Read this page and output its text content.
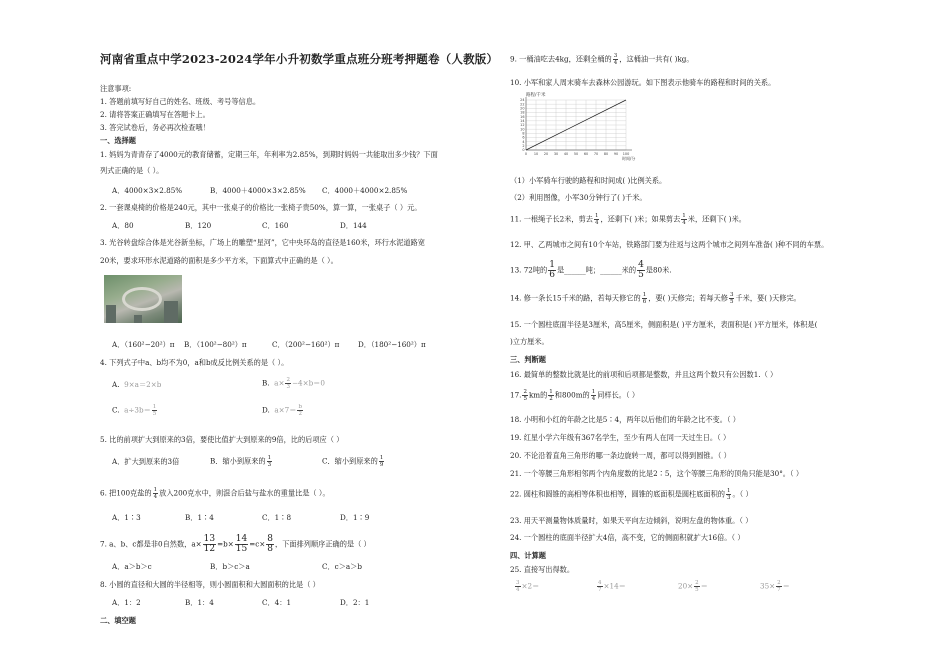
河南省重点中学2023-2024学年小升初数学重点班分班考押题卷（人教版）
注意事项:
1. 答题前填写好自己的姓名、班级、考号等信息。
2. 请将答案正确填写在答题卡上。
3. 答完试卷后，务必再次检查哦！
一、选择题
1. 妈妈为青青存了4000元的教育储蓄，定期三年，年利率为2.85%，到期时妈妈一共能取出多少钱？下面
列式正确的是（ ）。
A．4000×3×2.85%	B．4000＋4000×3×2.85% C．4000＋4000×2.85%
2. 一套课桌椅的价格是240元，其中一张桌子的价格比一张椅子贵50%，算一算，一张桌子（ ）元。
A．80	B．120	C．160	D．144
3. 光谷转盘综合体是光谷新坐标，广场上的雕塑“星河”，它中央环岛的直径是160米，环行水泥道路宽
20米，要求环形水泥道路的面积是多少平方米，下面算式中正确的是（ ）。
A．（160²−20²）π B．（100²−80²）π	C．（200²−160²）π	D．（180²−160²）π
4. 下列式子中a、b均不为0，a和b成反比例关系的是（ ）。
A. 9×a＝2×b	B. $a\times \frac{2}{3} -4\times b=0$
C. $a\div 3b= \frac{1}{5}$	D. $a\times 7= \frac{b}{2}$
5. 比的前项扩大到原来的3倍，要使比值扩大到原来的9倍，比的后项应（ ）
A．扩大到原来的3倍	B．缩小到原来的 $\frac{1}{3}$	C．缩小到原来的 $\frac{1}{9}$
6. 把100克盐的 $\frac{1}{4}$ 放入200克水中，则混合后盐与盐水的重量比是（ ）。
A．1∶3	B．1∶4	C．1∶8	D．1∶9
7. a、b、c都是非0自然数，$a\times \frac{13}{12} =b\times \frac{14}{15} =c\times \frac{8}{8}$ ，下面排列顺序正确的是（ ）
A．a＞b＞c	B．b＞c＞a	C．c＞a＞b
8. 小圆的直径和大圆的半径相等，则小圆面积和大圆面积的比是（ ）
A．1：2	B．1：4	C．4：1	D．2：1
二、填空题
9. 一桶油吃去4kg，还剩全桶的 $\frac{3}{4}$ ，这桶油一共有( )kg。
10. 小军和家人周末骑车去森林公园游玩。如下图表示他骑车的路程和时间的关系。
0
2
4
6
8
10
12
14
16
18
20
22
24
0 10 20 30 40 50 60 70 80 90 100
路程/千米
时间/分
（1）小军骑车行驶的路程和时间成( )比例关系。
（2）利用图像，小军30分钟行了( )千米。
11. 一根绳子长2米，剪去 $\frac{1}{4}$ ，还剩下( )米；如果剪去 $\frac{1}{4}$ 米，还剩下( )米。
12. 甲、乙两城市之间有10个车站，铁路部门要为往返与这两个城市之间列车准备( )种不同的车票。
13. 72吨的 $\frac{1}{6}$ 是______吨；______米的 $\frac{4}{5}$ 是80米.
14. 修一条长15千米的路，若每天修它的 $\frac{1}{6}$ ，要( )天修完；若每天修 $\frac{3}{5}$ 千米，要( )天修完。
15. 一个圆柱底面半径是3厘米，高5厘米，侧面积是( )平方厘米，表面积是( )平方厘米，体积是(
)立方厘米。
三、判断题
16. 最简单的整数比就是比的前项和后项都是整数，并且这两个数只有公因数1.（ ）
17. $\frac{2}{5}$ km的 $\frac{1}{2}$ 和800m的 $\frac{1}{4}$ 同样长。（ ）
18. 小明和小红的年龄之比是5∶4，两年以后他们的年龄之比不变。（ ）
19. 红星小学六年级有367名学生，至少有两人在同一天过生日。（ ）
20. 不论沿着直角三角形的哪一条边旋转一周，都可以得到圆锥。（ ）
21. 一个等腰三角形相邻两个内角度数的比是2∶5，这个等腰三角形的顶角只能是30°。（ ）
22. 圆柱和圆锥的高相等体积也相等，圆锥的底面积是圆柱底面积的 $\frac{1}{3}$ 。（ ）
23. 用天平测量物体质量时，如果天平向左边倾斜，说明左盘的物体重。（ ）
24. 一个圆柱的底面半径扩大4倍，高不变，它的侧面积就扩大16倍。（ ）
四、计算题
25. 直接写出得数。
$\frac{3}{4} \times 2=$	$\frac{4}{7} \times 14=$	$20\times \frac{2}{5}$ ＝	$35\times \frac{2}{7}$ ＝
